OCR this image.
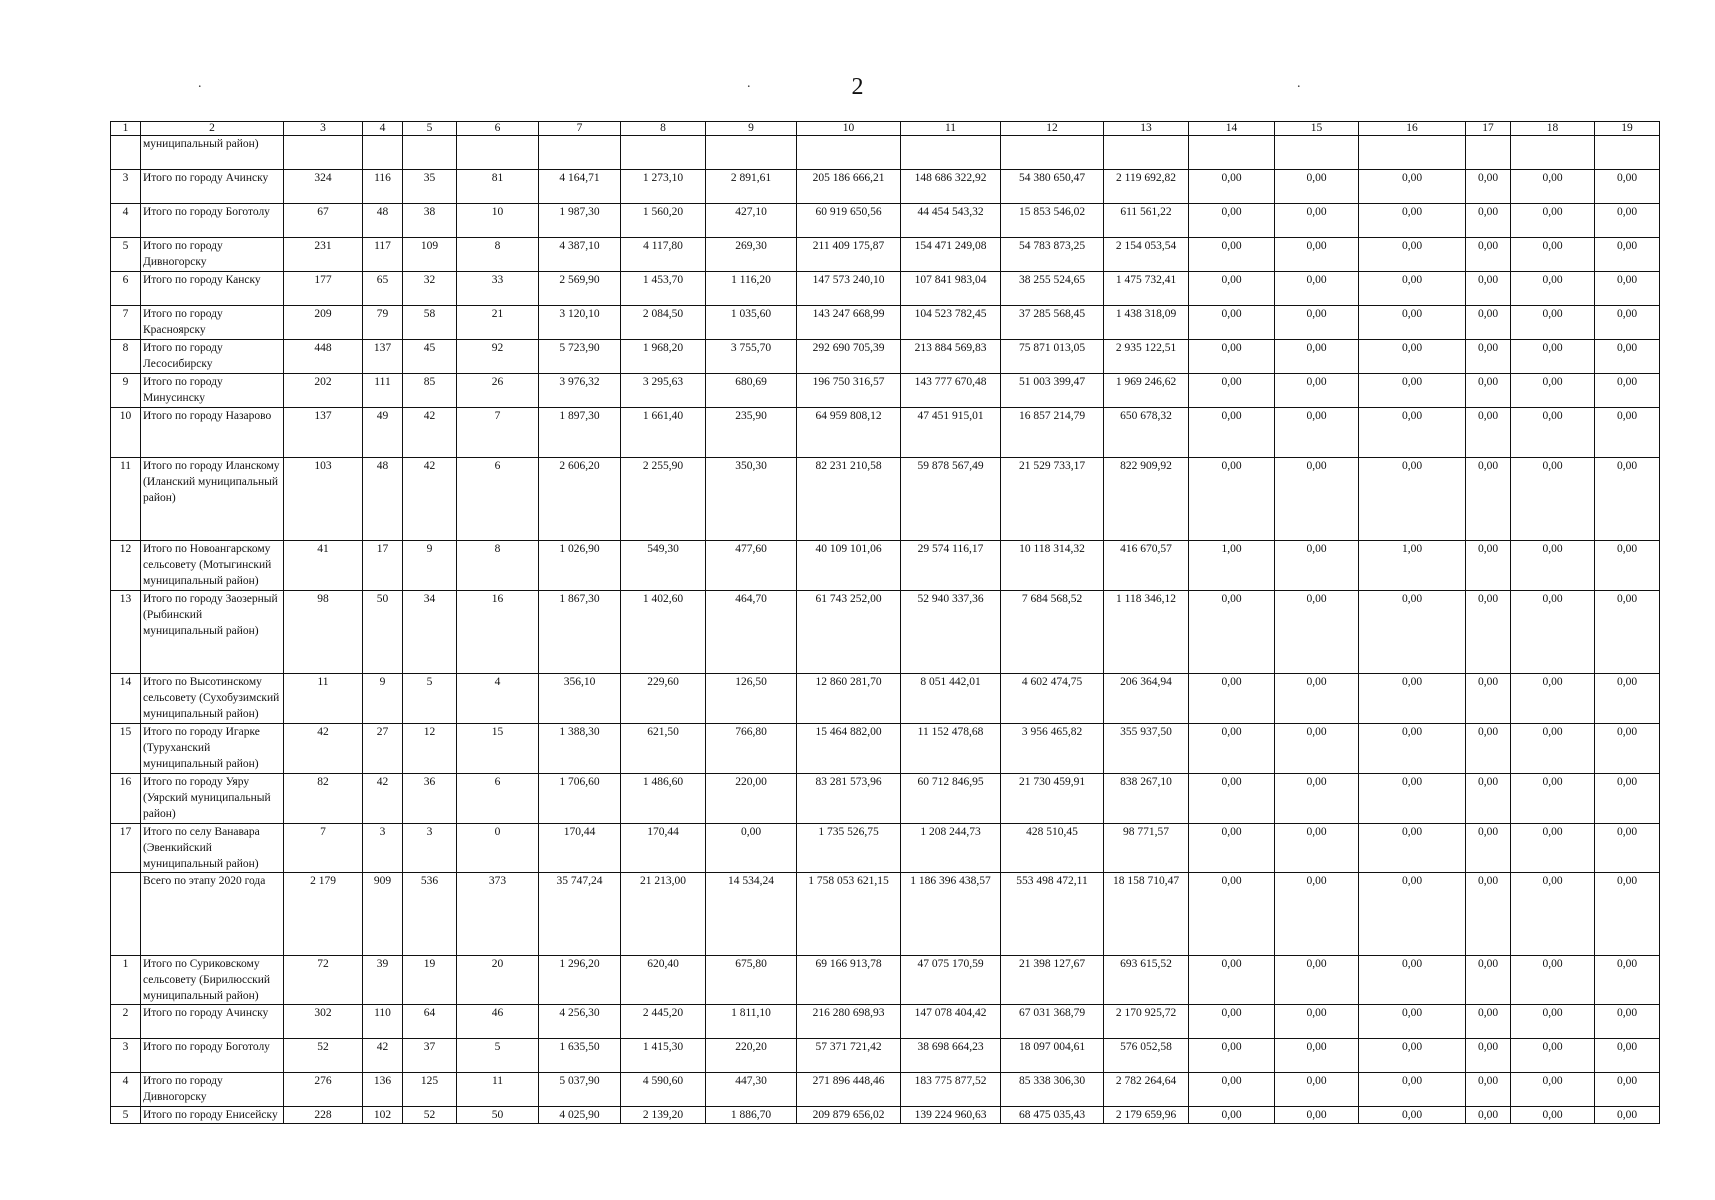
2
.	.	.
1	2	3	4	5	6	7	8	9	10	11	12	13	14	15	16	17	18	19
	муниципальный район)																	
3	Итого по городу Ачинску	324	116	35	81	4 164,71	1 273,10	2 891,61	205 186 666,21	148 686 322,92	54 380 650,47	2 119 692,82	0,00	0,00	0,00	0,00	0,00	0,00
4	Итого по городу Боготолу	67	48	38	10	1 987,30	1 560,20	427,10	60 919 650,56	44 454 543,32	15 853 546,02	611 561,22	0,00	0,00	0,00	0,00	0,00	0,00
5	Итого по городу Дивногорску	231	117	109	8	4 387,10	4 117,80	269,30	211 409 175,87	154 471 249,08	54 783 873,25	2 154 053,54	0,00	0,00	0,00	0,00	0,00	0,00
6	Итого по городу Канску	177	65	32	33	2 569,90	1 453,70	1 116,20	147 573 240,10	107 841 983,04	38 255 524,65	1 475 732,41	0,00	0,00	0,00	0,00	0,00	0,00
7	Итого по городу Красноярску	209	79	58	21	3 120,10	2 084,50	1 035,60	143 247 668,99	104 523 782,45	37 285 568,45	1 438 318,09	0,00	0,00	0,00	0,00	0,00	0,00
8	Итого по городу Лесосибирску	448	137	45	92	5 723,90	1 968,20	3 755,70	292 690 705,39	213 884 569,83	75 871 013,05	2 935 122,51	0,00	0,00	0,00	0,00	0,00	0,00
9	Итого по городу Минусинску	202	111	85	26	3 976,32	3 295,63	680,69	196 750 316,57	143 777 670,48	51 003 399,47	1 969 246,62	0,00	0,00	0,00	0,00	0,00	0,00
10	Итого по городу Назарово	137	49	42	7	1 897,30	1 661,40	235,90	64 959 808,12	47 451 915,01	16 857 214,79	650 678,32	0,00	0,00	0,00	0,00	0,00	0,00
11	Итого по городу Иланскому (Иланский муниципальный район)	103	48	42	6	2 606,20	2 255,90	350,30	82 231 210,58	59 878 567,49	21 529 733,17	822 909,92	0,00	0,00	0,00	0,00	0,00	0,00
12	Итого по Новоангарскому сельсовету (Мотыгинский муниципальный район)	41	17	9	8	1 026,90	549,30	477,60	40 109 101,06	29 574 116,17	10 118 314,32	416 670,57	1,00	0,00	1,00	0,00	0,00	0,00
13	Итого по городу Заозерный (Рыбинский муниципальный район)	98	50	34	16	1 867,30	1 402,60	464,70	61 743 252,00	52 940 337,36	7 684 568,52	1 118 346,12	0,00	0,00	0,00	0,00	0,00	0,00
14	Итого по Высотинскому сельсовету (Сухобузимский муниципальный район)	11	9	5	4	356,10	229,60	126,50	12 860 281,70	8 051 442,01	4 602 474,75	206 364,94	0,00	0,00	0,00	0,00	0,00	0,00
15	Итого по городу Игарке (Туруханский муниципальный район)	42	27	12	15	1 388,30	621,50	766,80	15 464 882,00	11 152 478,68	3 956 465,82	355 937,50	0,00	0,00	0,00	0,00	0,00	0,00
16	Итого по городу Уяру (Уярский муниципальный район)	82	42	36	6	1 706,60	1 486,60	220,00	83 281 573,96	60 712 846,95	21 730 459,91	838 267,10	0,00	0,00	0,00	0,00	0,00	0,00
17	Итого по селу Ванавара (Эвенкийский муниципальный район)	7	3	3	0	170,44	170,44	0,00	1 735 526,75	1 208 244,73	428 510,45	98 771,57	0,00	0,00	0,00	0,00	0,00	0,00
	Всего по этапу 2020 года	2 179	909	536	373	35 747,24	21 213,00	14 534,24	1 758 053 621,15	1 186 396 438,57	553 498 472,11	18 158 710,47	0,00	0,00	0,00	0,00	0,00	0,00
1	Итого по Суриковскому сельсовету (Бирилюсский муниципальный район)	72	39	19	20	1 296,20	620,40	675,80	69 166 913,78	47 075 170,59	21 398 127,67	693 615,52	0,00	0,00	0,00	0,00	0,00	0,00
2	Итого по городу Ачинску	302	110	64	46	4 256,30	2 445,20	1 811,10	216 280 698,93	147 078 404,42	67 031 368,79	2 170 925,72	0,00	0,00	0,00	0,00	0,00	0,00
3	Итого по городу Боготолу	52	42	37	5	1 635,50	1 415,30	220,20	57 371 721,42	38 698 664,23	18 097 004,61	576 052,58	0,00	0,00	0,00	0,00	0,00	0,00
4	Итого по городу Дивногорску	276	136	125	11	5 037,90	4 590,60	447,30	271 896 448,46	183 775 877,52	85 338 306,30	2 782 264,64	0,00	0,00	0,00	0,00	0,00	0,00
5	Итого по городу Енисейску	228	102	52	50	4 025,90	2 139,20	1 886,70	209 879 656,02	139 224 960,63	68 475 035,43	2 179 659,96	0,00	0,00	0,00	0,00	0,00	0,00
